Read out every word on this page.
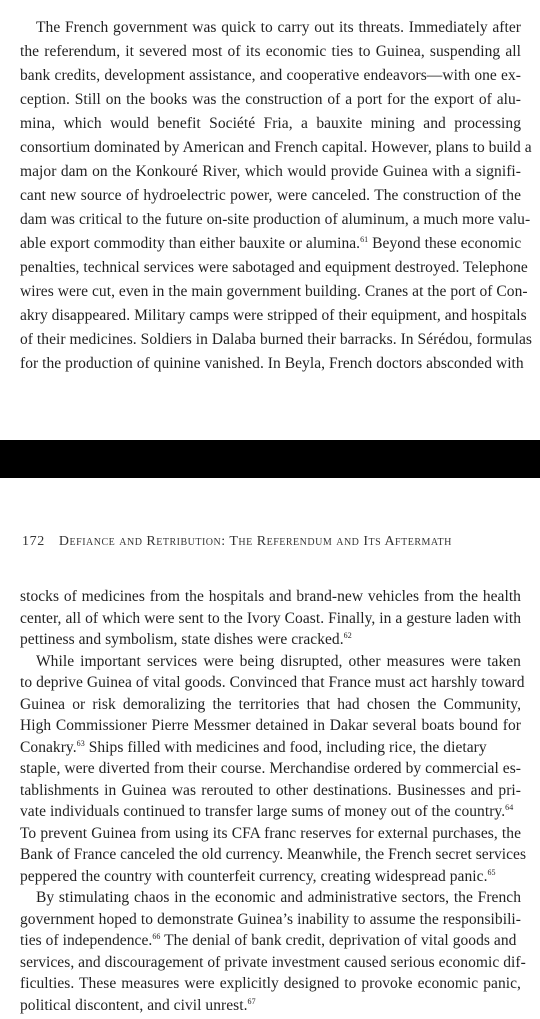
The French government was quick to carry out its threats. Immediately after
the referendum, it severed most of its economic ties to Guinea, suspending all
bank credits, development assistance, and cooperative endeavors—with one ex-
ception. Still on the books was the construction of a port for the export of alu-
mina, which would benefit Société Fria, a bauxite mining and processing
consortium dominated by American and French capital. However, plans to build a
major dam on the Konkouré River, which would provide Guinea with a signifi-
cant new source of hydroelectric power, were canceled. The construction of the
dam was critical to the future on-site production of aluminum, a much more valu-
able export commodity than either bauxite or alumina.$^{61}$ Beyond these economic
penalties, technical services were sabotaged and equipment destroyed. Telephone
wires were cut, even in the main government building. Cranes at the port of Con-
akry disappeared. Military camps were stripped of their equipment, and hospitals
of their medicines. Soldiers in Dalaba burned their barracks. In Sérédou, formulas
for the production of quinine vanished. In Beyla, French doctors absconded with
172 Defiance and Retribution: The Referendum and Its Aftermath
stocks of medicines from the hospitals and brand-new vehicles from the health
center, all of which were sent to the Ivory Coast. Finally, in a gesture laden with
pettiness and symbolism, state dishes were cracked.$^{62}$
While important services were being disrupted, other measures were taken
to deprive Guinea of vital goods. Convinced that France must act harshly toward
Guinea or risk demoralizing the territories that had chosen the Community,
High Commissioner Pierre Messmer detained in Dakar several boats bound for
Conakry.$^{63}$ Ships filled with medicines and food, including rice, the dietary
staple, were diverted from their course. Merchandise ordered by commercial es-
tablishments in Guinea was rerouted to other destinations. Businesses and pri-
vate individuals continued to transfer large sums of money out of the country.$^{64}$
To prevent Guinea from using its CFA franc reserves for external purchases, the
Bank of France canceled the old currency. Meanwhile, the French secret services
peppered the country with counterfeit currency, creating widespread panic.$^{65}$
By stimulating chaos in the economic and administrative sectors, the French
government hoped to demonstrate Guinea’s inability to assume the responsibili-
ties of independence.$^{66}$ The denial of bank credit, deprivation of vital goods and
services, and discouragement of private investment caused serious economic dif-
ficulties. These measures were explicitly designed to provoke economic panic,
political discontent, and civil unrest.$^{67}$
